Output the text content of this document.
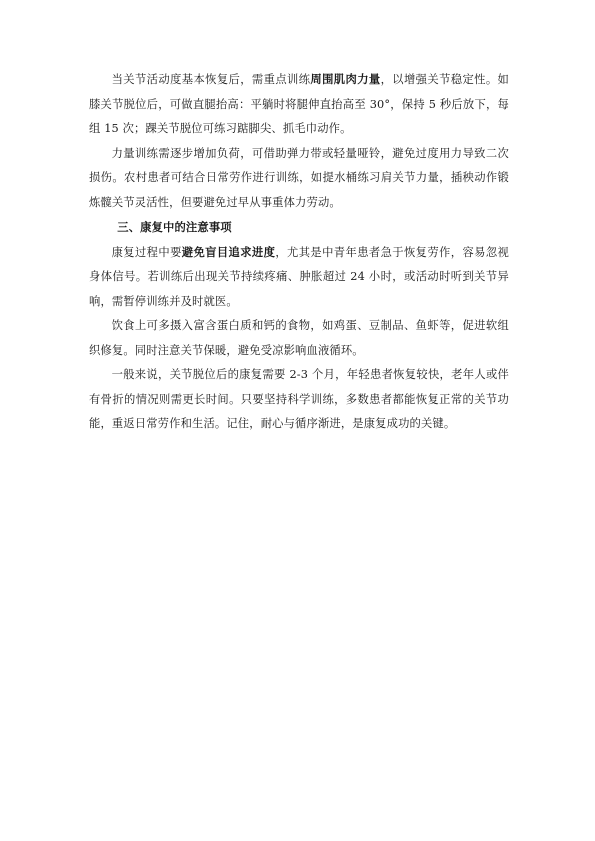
当关节活动度基本恢复后，需重点训练周围肌肉力量，以增强关节稳定性。如膝关节脱位后，可做直腿抬高：平躺时将腿伸直抬高至 30°，保持 5 秒后放下，每组 15 次；踝关节脱位可练习踮脚尖、抓毛巾动作。

力量训练需逐步增加负荷，可借助弹力带或轻量哑铃，避免过度用力导致二次损伤。农村患者可结合日常劳作进行训练，如提水桶练习肩关节力量，插秧动作锻炼髋关节灵活性，但要避免过早从事重体力劳动。

三、康复中的注意事项

康复过程中要避免盲目追求进度，尤其是中青年患者急于恢复劳作，容易忽视身体信号。若训练后出现关节持续疼痛、肿胀超过 24 小时，或活动时听到关节异响，需暂停训练并及时就医。

饮食上可多摄入富含蛋白质和钙的食物，如鸡蛋、豆制品、鱼虾等，促进软组织修复。同时注意关节保暖，避免受凉影响血液循环。

一般来说，关节脱位后的康复需要 2-3 个月，年轻患者恢复较快，老年人或伴有骨折的情况则需更长时间。只要坚持科学训练，多数患者都能恢复正常的关节功能，重返日常劳作和生活。记住，耐心与循序渐进，是康复成功的关键。
